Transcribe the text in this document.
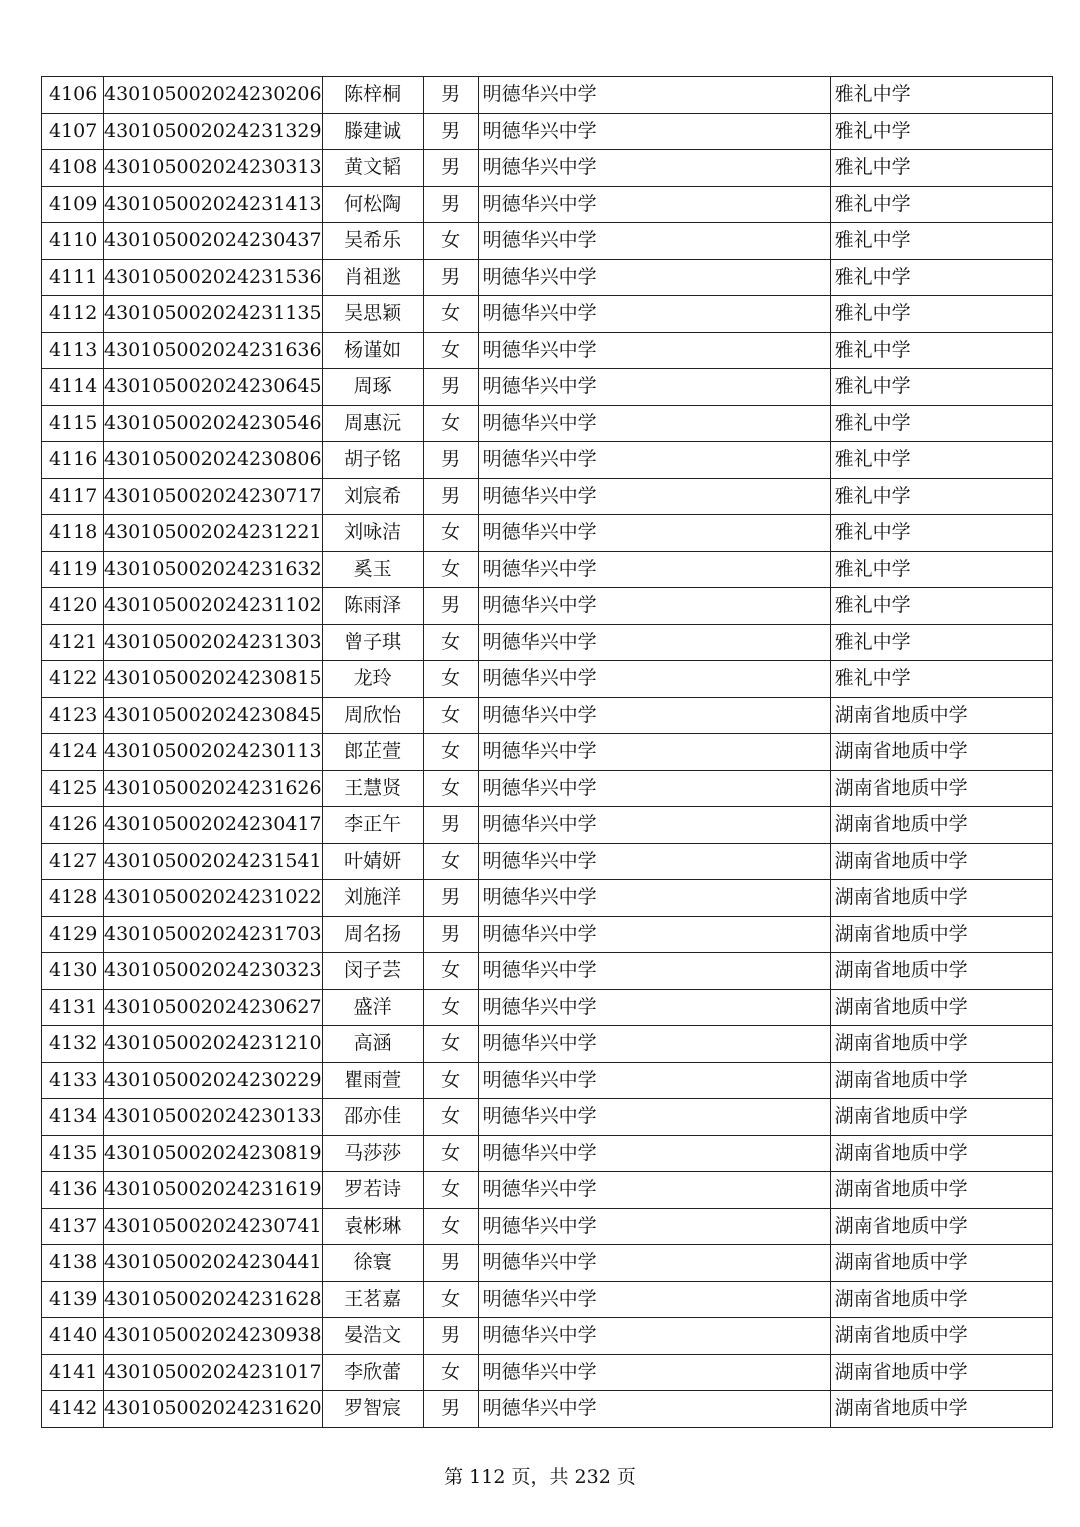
4106	430105002024230206	陈梓桐	男	明德华兴中学	雅礼中学
4107	430105002024231329	滕建诚	男	明德华兴中学	雅礼中学
4108	430105002024230313	黄文韬	男	明德华兴中学	雅礼中学
4109	430105002024231413	何松陶	男	明德华兴中学	雅礼中学
4110	430105002024230437	吴希乐	女	明德华兴中学	雅礼中学
4111	430105002024231536	肖祖逖	男	明德华兴中学	雅礼中学
4112	430105002024231135	吴思颖	女	明德华兴中学	雅礼中学
4113	430105002024231636	杨谨如	女	明德华兴中学	雅礼中学
4114	430105002024230645	周琢	男	明德华兴中学	雅礼中学
4115	430105002024230546	周惠沅	女	明德华兴中学	雅礼中学
4116	430105002024230806	胡子铭	男	明德华兴中学	雅礼中学
4117	430105002024230717	刘宸希	男	明德华兴中学	雅礼中学
4118	430105002024231221	刘咏洁	女	明德华兴中学	雅礼中学
4119	430105002024231632	奚玉	女	明德华兴中学	雅礼中学
4120	430105002024231102	陈雨泽	男	明德华兴中学	雅礼中学
4121	430105002024231303	曾子琪	女	明德华兴中学	雅礼中学
4122	430105002024230815	龙玲	女	明德华兴中学	雅礼中学
4123	430105002024230845	周欣怡	女	明德华兴中学	湖南省地质中学
4124	430105002024230113	郎芷萱	女	明德华兴中学	湖南省地质中学
4125	430105002024231626	王慧贤	女	明德华兴中学	湖南省地质中学
4126	430105002024230417	李正午	男	明德华兴中学	湖南省地质中学
4127	430105002024231541	叶婧妍	女	明德华兴中学	湖南省地质中学
4128	430105002024231022	刘施洋	男	明德华兴中学	湖南省地质中学
4129	430105002024231703	周名扬	男	明德华兴中学	湖南省地质中学
4130	430105002024230323	闵子芸	女	明德华兴中学	湖南省地质中学
4131	430105002024230627	盛洋	女	明德华兴中学	湖南省地质中学
4132	430105002024231210	高涵	女	明德华兴中学	湖南省地质中学
4133	430105002024230229	瞿雨萱	女	明德华兴中学	湖南省地质中学
4134	430105002024230133	邵亦佳	女	明德华兴中学	湖南省地质中学
4135	430105002024230819	马莎莎	女	明德华兴中学	湖南省地质中学
4136	430105002024231619	罗若诗	女	明德华兴中学	湖南省地质中学
4137	430105002024230741	袁彬琳	女	明德华兴中学	湖南省地质中学
4138	430105002024230441	徐寰	男	明德华兴中学	湖南省地质中学
4139	430105002024231628	王茗嘉	女	明德华兴中学	湖南省地质中学
4140	430105002024230938	晏浩文	男	明德华兴中学	湖南省地质中学
4141	430105002024231017	李欣蕾	女	明德华兴中学	湖南省地质中学
4142	430105002024231620	罗智宸	男	明德华兴中学	湖南省地质中学
第 112 页，共 232 页
